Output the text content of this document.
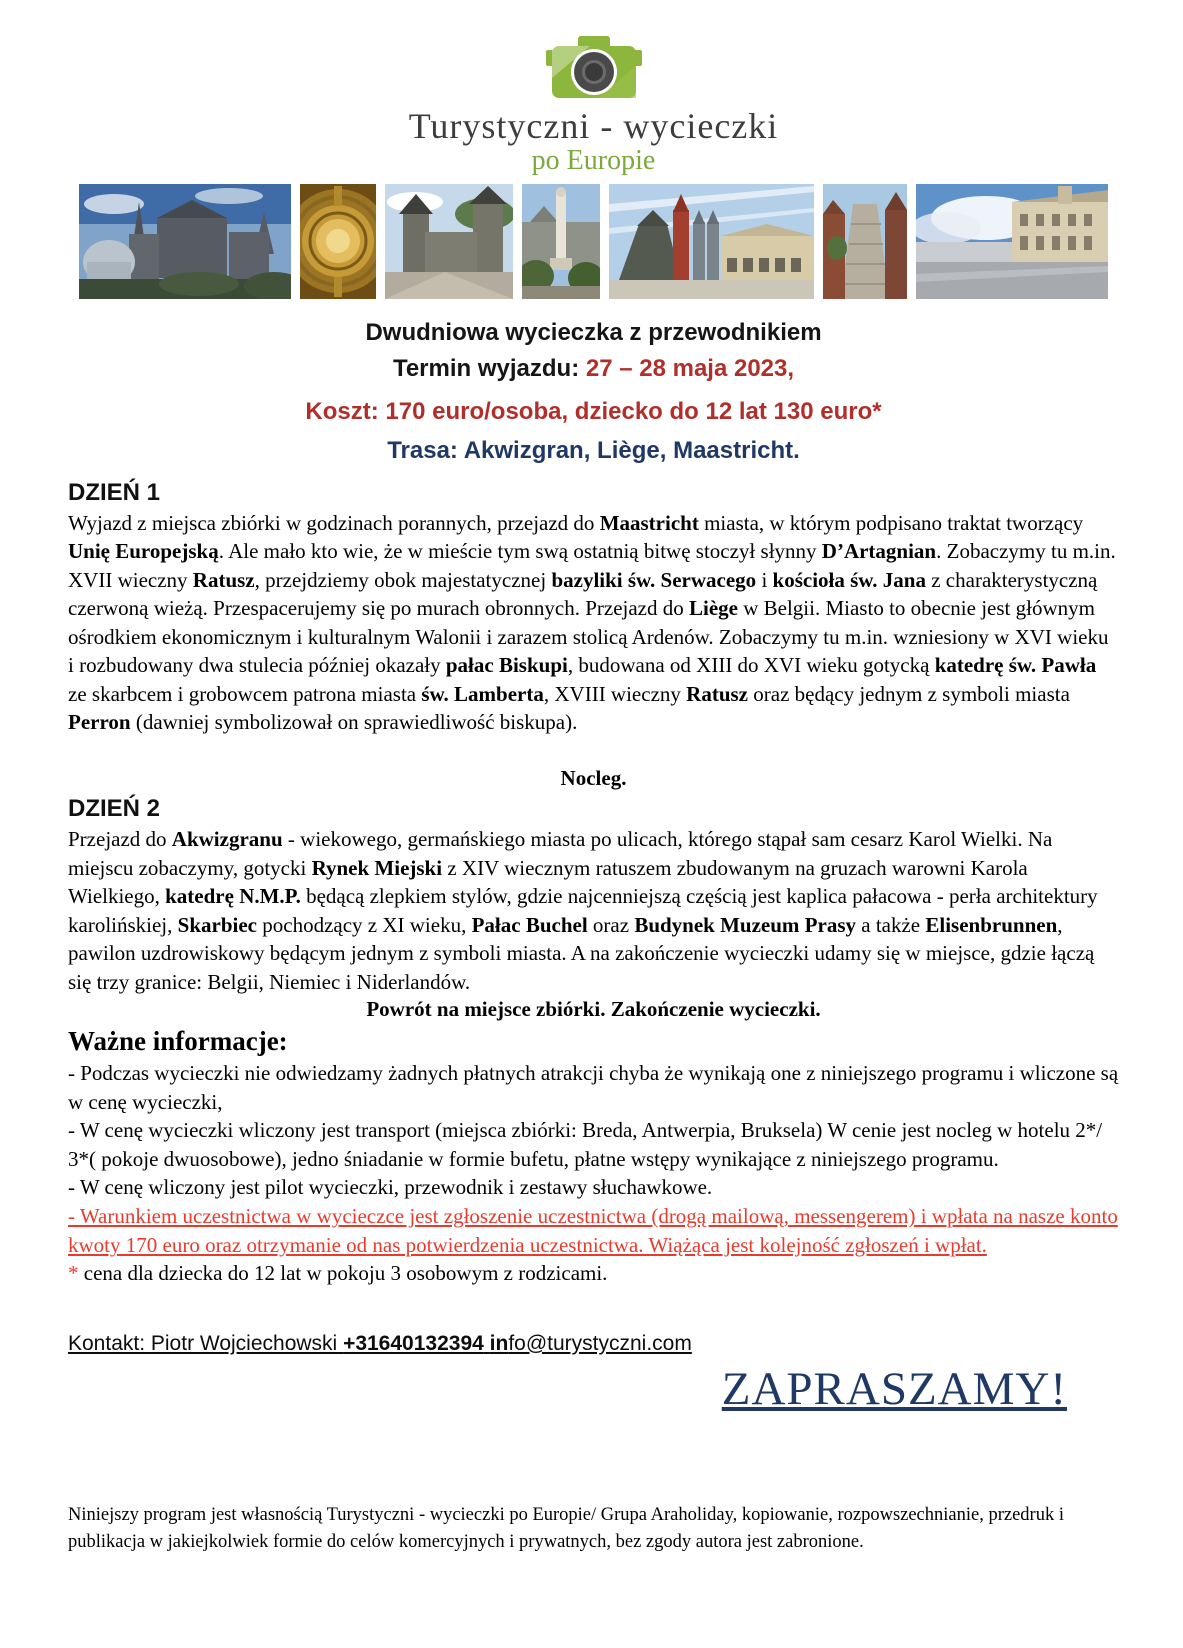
Turystyczni - wycieczki
po Europie
Dwudniowa wycieczka z przewodnikiem
Termin wyjazdu: 27 – 28 maja 2023,
Koszt: 170 euro/osoba, dziecko do 12 lat 130 euro*
Trasa: Akwizgran, Liège, Maastricht.
DZIEŃ 1

Wyjazd z miejsca zbiórki w godzinach porannych, przejazd do Maastricht miasta, w którym podpisano traktat tworzący Unię Europejską. Ale mało kto wie, że w mieście tym swą ostatnią bitwę stoczył słynny D’Artagnian. Zobaczymy tu m.in. XVII wieczny Ratusz, przejdziemy obok majestatycznej bazyliki św. Serwacego i kościoła św. Jana z charakterystyczną czerwoną wieżą. Przespacerujemy się po murach obronnych. Przejazd do Liège w Belgii. Miasto to obecnie jest głównym ośrodkiem ekonomicznym i kulturalnym Walonii i zarazem stolicą Ardenów. Zobaczymy tu m.in. wzniesiony w XVI wieku i rozbudowany dwa stulecia później okazały pałac Biskupi, budowana od XIII do XVI wieku gotycką katedrę św. Pawła ze skarbcem i grobowcem patrona miasta św. Lamberta, XVIII wieczny Ratusz oraz będący jednym z symboli miasta Perron (dawniej symbolizował on sprawiedliwość biskupa).

Nocleg.
DZIEŃ 2

Przejazd do Akwizgranu - wiekowego, germańskiego miasta po ulicach, którego stąpał sam cesarz Karol Wielki. Na miejscu zobaczymy, gotycki Rynek Miejski z XIV wiecznym ratuszem zbudowanym na gruzach warowni Karola Wielkiego, katedrę N.M.P. będącą zlepkiem stylów, gdzie najcenniejszą częścią jest kaplica pałacowa - perła architektury karolińskiej, Skarbiec pochodzący z XI wieku, Pałac Buchel oraz Budynek Muzeum Prasy a także Elisenbrunnen, pawilon uzdrowiskowy będącym jednym z symboli miasta. A na zakończenie wycieczki udamy się w miejsce, gdzie łączą się trzy granice: Belgii, Niemiec i Niderlandów.

Powrót na miejsce zbiórki. Zakończenie wycieczki.
Ważne informacje:

- Podczas wycieczki nie odwiedzamy żadnych płatnych atrakcji chyba że wynikają one z niniejszego programu i wliczone są w cenę wycieczki,

- W cenę wycieczki wliczony jest transport (miejsca zbiórki: Breda, Antwerpia, Bruksela) W cenie jest nocleg w hotelu 2*/ 3*( pokoje dwuosobowe), jedno śniadanie w formie bufetu, płatne wstępy wynikające z niniejszego programu.

- W cenę wliczony jest pilot wycieczki, przewodnik i zestawy słuchawkowe.

- Warunkiem uczestnictwa w wycieczce jest zgłoszenie uczestnictwa (drogą mailową, messengerem) i wpłata na nasze konto kwoty 170 euro oraz otrzymanie od nas potwierdzenia uczestnictwa. Wiążąca jest kolejność zgłoszeń i wpłat.

* cena dla dziecka do 12 lat w pokoju 3 osobowym z rodzicami.

Kontakt: Piotr Wojciechowski +31640132394 info@turystyczni.com
ZAPRASZAMY!
Niniejszy program jest własnością Turystyczni - wycieczki po Europie/ Grupa Araholiday, kopiowanie, rozpowszechnianie, przedruk i publikacja w jakiejkolwiek formie do celów komercyjnych i prywatnych, bez zgody autora jest zabronione.
